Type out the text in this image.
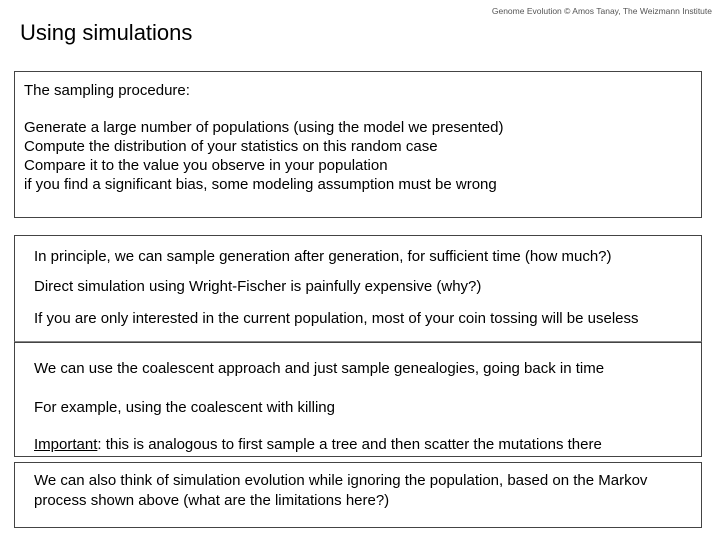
Genome Evolution © Amos Tanay, The Weizmann Institute
Using simulations
The sampling procedure:
Generate a large number of populations (using the model we presented)
Compute the distribution of your statistics on this random case
Compare it to the value you observe in your population
if you find a significant bias, some modeling assumption must be wrong
In principle, we can sample generation after generation, for sufficient time (how much?)
Direct simulation using Wright-Fischer is painfully expensive (why?)
If you are only interested in the current population, most of your coin tossing will be useless
We can use the coalescent approach and just sample genealogies, going back in time
For example, using the coalescent with killing
Important: this is analogous to first sample a tree and then scatter the mutations there
We can also think of simulation evolution while ignoring the population, based on the Markov process shown above (what are the limitations here?)
